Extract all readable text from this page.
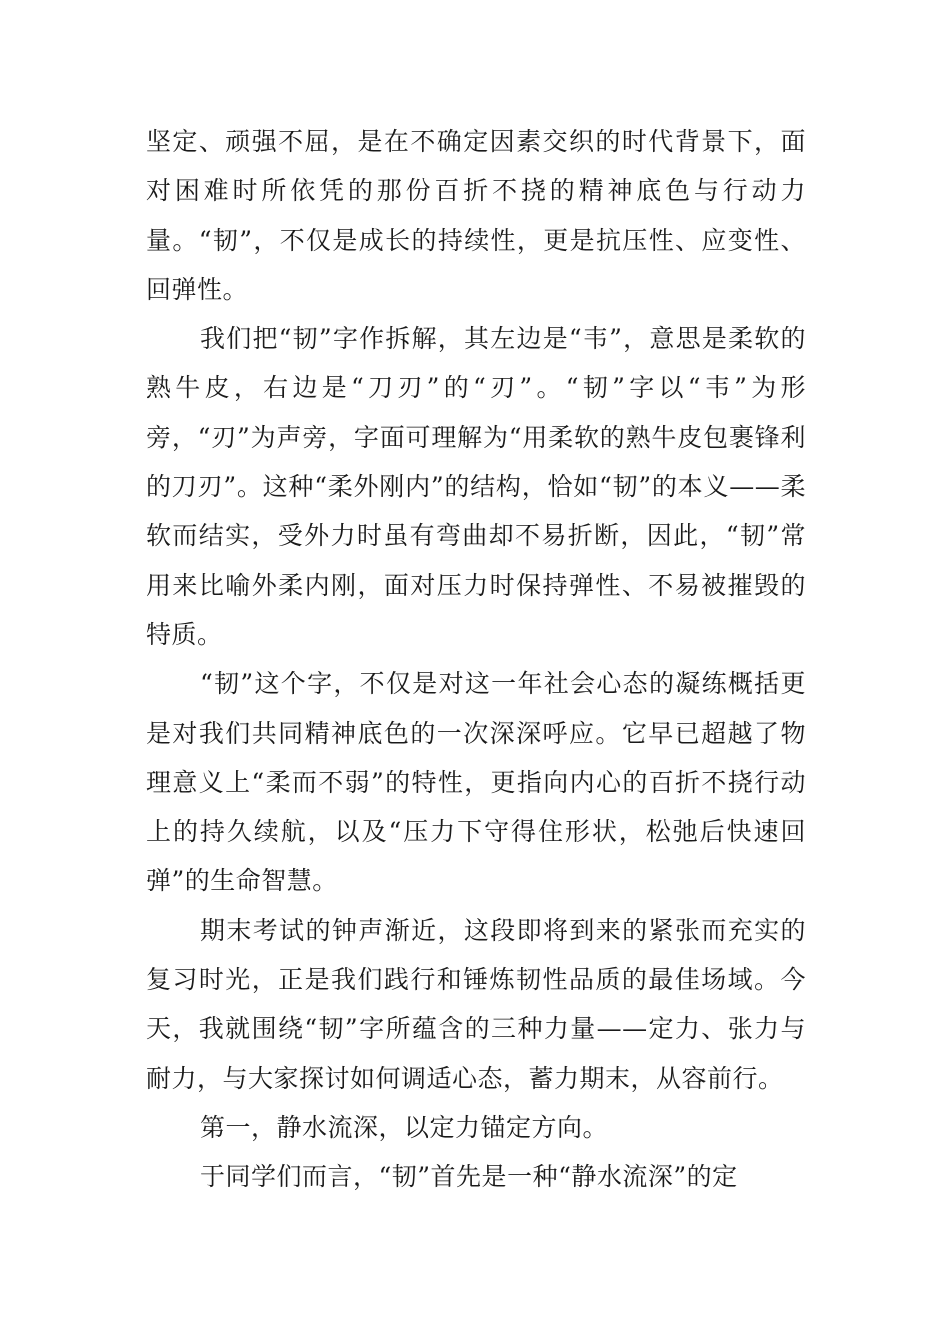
坚定、顽强不屈，是在不确定因素交织的时代背景下，面对困难时所依凭的那份百折不挠的精神底色与行动力量。“韧”，不仅是成长的持续性，更是抗压性、应变性、回弹性。

我们把“韧”字作拆解，其左边是“韦”，意思是柔软的熟牛皮，右边是“刀刃”的“刃”。“韧”字以“韦”为形旁，“刃”为声旁，字面可理解为“用柔软的熟牛皮包裹锋利的刀刃”。这种“柔外刚内”的结构，恰如“韧”的本义——柔软而结实，受外力时虽有弯曲却不易折断，因此，“韧”常用来比喻外柔内刚，面对压力时保持弹性、不易被摧毁的特质。

“韧”这个字，不仅是对这一年社会心态的凝练概括更是对我们共同精神底色的一次深深呼应。它早已超越了物理意义上“柔而不弱”的特性，更指向内心的百折不挠行动上的持久续航，以及“压力下守得住形状，松弛后快速回弹”的生命智慧。

期末考试的钟声渐近，这段即将到来的紧张而充实的复习时光，正是我们践行和锤炼韧性品质的最佳场域。今天，我就围绕“韧”字所蕴含的三种力量——定力、张力与耐力，与大家探讨如何调适心态，蓄力期末，从容前行。

第一，静水流深，以定力锚定方向。

于同学们而言，“韧”首先是一种“静水流深”的定
